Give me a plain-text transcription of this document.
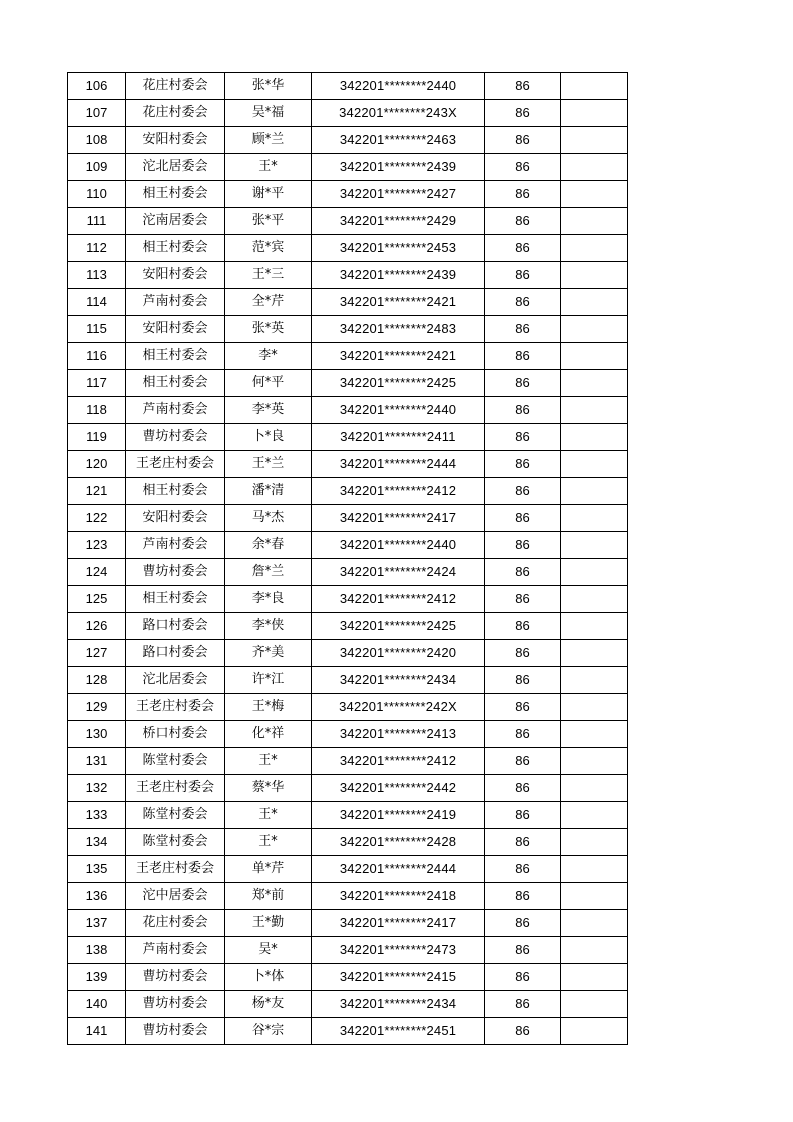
106	花庄村委会	张*华	342201********2440	86	
107	花庄村委会	吴*福	342201********243X	86	
108	安阳村委会	顾*兰	342201********2463	86	
109	沱北居委会	王*	342201********2439	86	
110	相王村委会	谢*平	342201********2427	86	
111	沱南居委会	张*平	342201********2429	86	
112	相王村委会	范*宾	342201********2453	86	
113	安阳村委会	王*三	342201********2439	86	
114	芦南村委会	全*芹	342201********2421	86	
115	安阳村委会	张*英	342201********2483	86	
116	相王村委会	李*	342201********2421	86	
117	相王村委会	何*平	342201********2425	86	
118	芦南村委会	李*英	342201********2440	86	
119	曹坊村委会	卜*良	342201********2411	86	
120	王老庄村委会	王*兰	342201********2444	86	
121	相王村委会	潘*清	342201********2412	86	
122	安阳村委会	马*杰	342201********2417	86	
123	芦南村委会	余*春	342201********2440	86	
124	曹坊村委会	詹*兰	342201********2424	86	
125	相王村委会	李*良	342201********2412	86	
126	路口村委会	李*侠	342201********2425	86	
127	路口村委会	齐*美	342201********2420	86	
128	沱北居委会	许*江	342201********2434	86	
129	王老庄村委会	王*梅	342201********242X	86	
130	桥口村委会	化*祥	342201********2413	86	
131	陈堂村委会	王*	342201********2412	86	
132	王老庄村委会	蔡*华	342201********2442	86	
133	陈堂村委会	王*	342201********2419	86	
134	陈堂村委会	王*	342201********2428	86	
135	王老庄村委会	单*芹	342201********2444	86	
136	沱中居委会	郑*前	342201********2418	86	
137	花庄村委会	王*勤	342201********2417	86	
138	芦南村委会	吴*	342201********2473	86	
139	曹坊村委会	卜*体	342201********2415	86	
140	曹坊村委会	杨*友	342201********2434	86	
141	曹坊村委会	谷*宗	342201********2451	86	
